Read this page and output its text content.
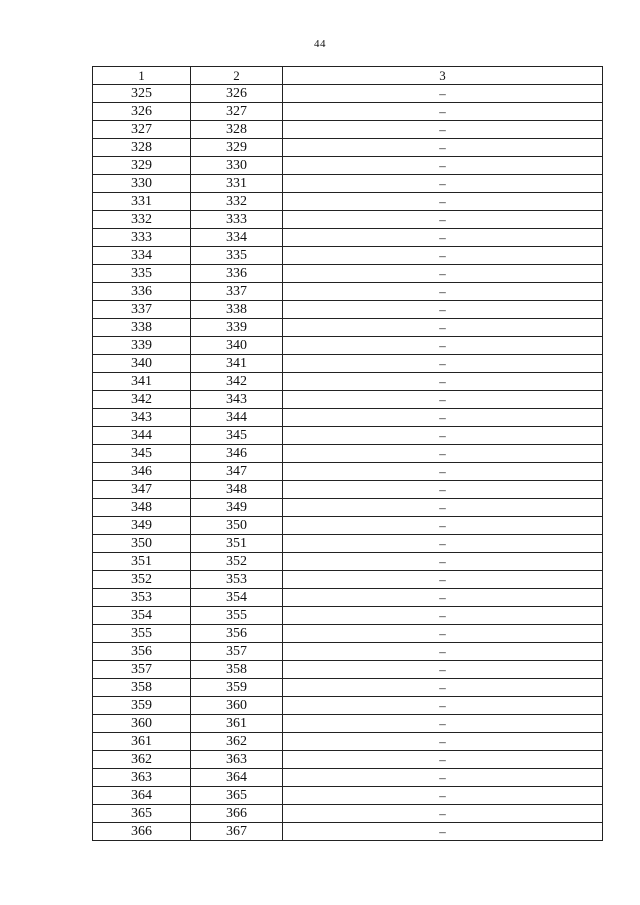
44
1	2	3
325	326	–
326	327	–
327	328	–
328	329	–
329	330	–
330	331	–
331	332	–
332	333	–
333	334	–
334	335	–
335	336	–
336	337	–
337	338	–
338	339	–
339	340	–
340	341	–
341	342	–
342	343	–
343	344	–
344	345	–
345	346	–
346	347	–
347	348	–
348	349	–
349	350	–
350	351	–
351	352	–
352	353	–
353	354	–
354	355	–
355	356	–
356	357	–
357	358	–
358	359	–
359	360	–
360	361	–
361	362	–
362	363	–
363	364	–
364	365	–
365	366	–
366	367	–
